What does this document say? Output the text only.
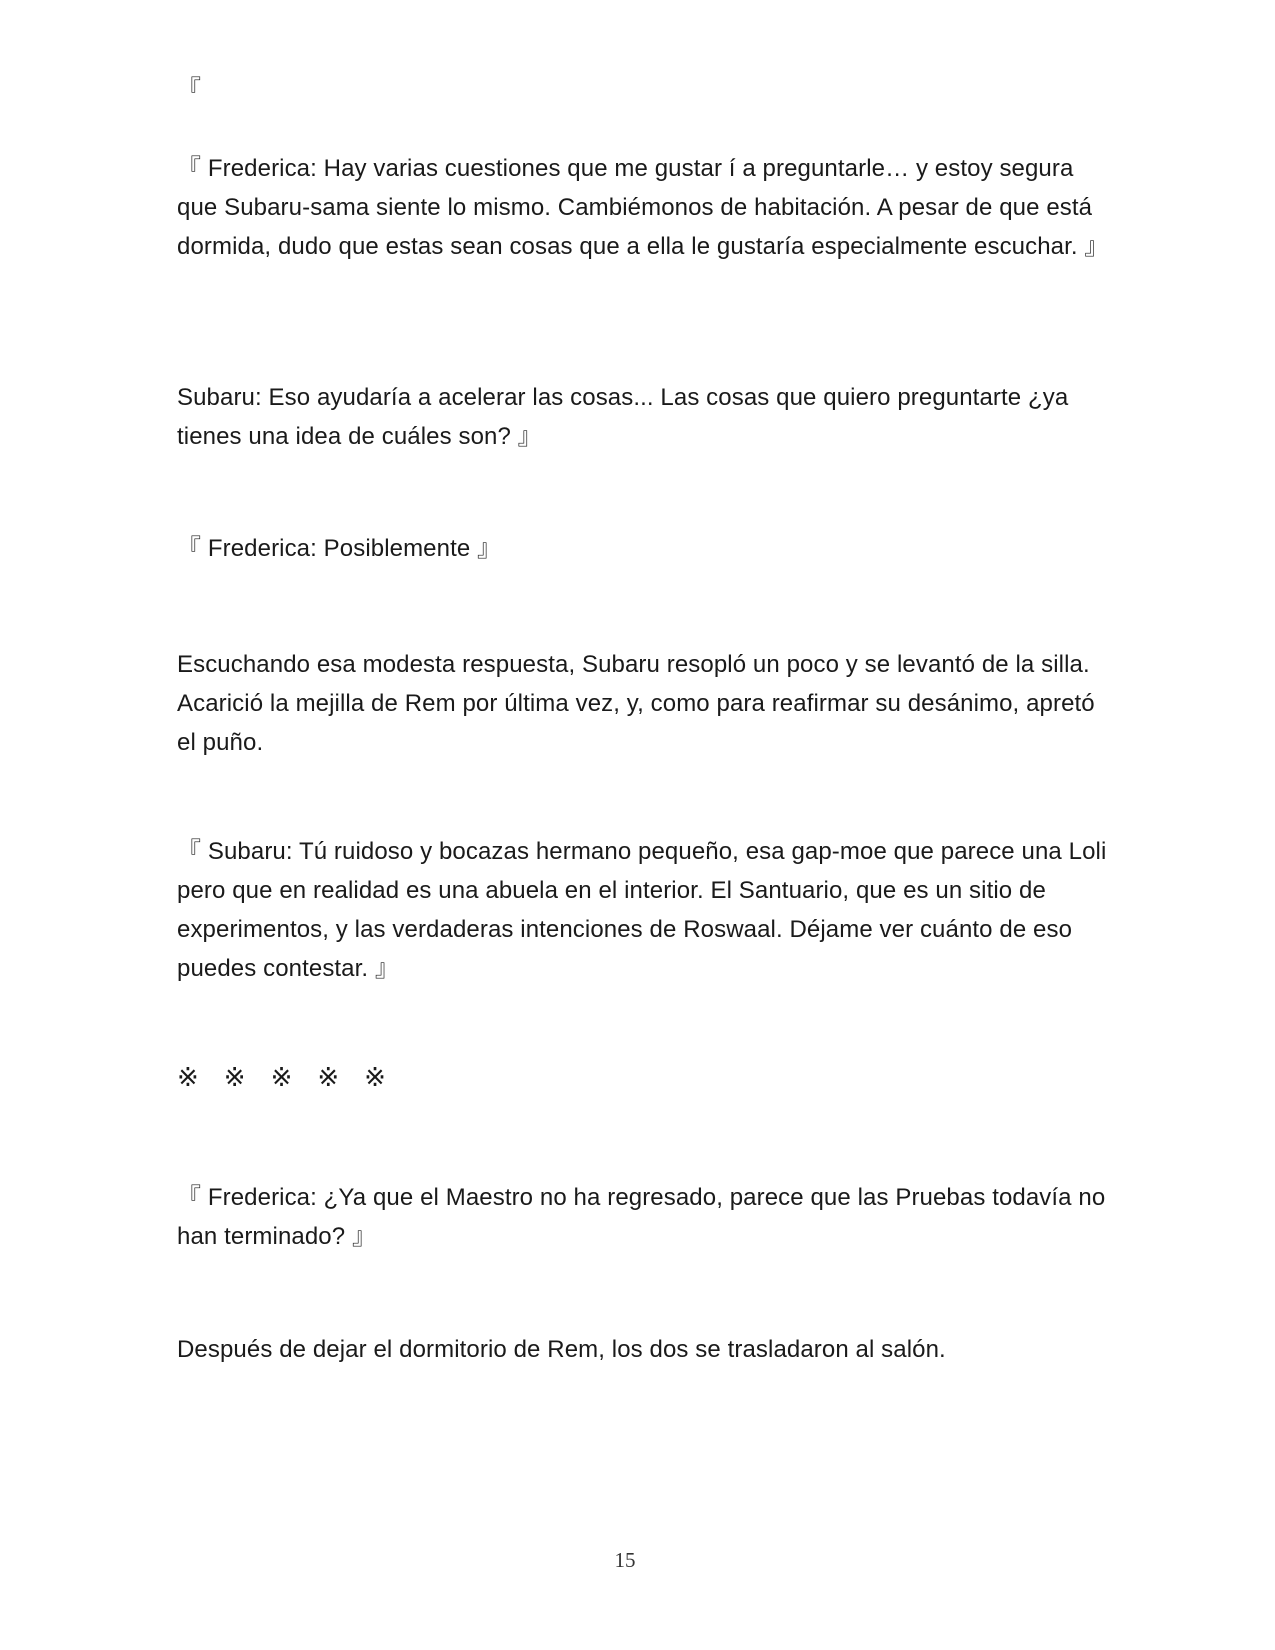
『

『 Frederica: Hay varias cuestiones que me gustar í a preguntarle… y estoy segura que Subaru-sama siente lo mismo. Cambiémonos de habitación. A pesar de que está dormida, dudo que estas sean cosas que a ella le gustaría especialmente escuchar. 』

Subaru: Eso ayudaría a acelerar las cosas... Las cosas que quiero preguntarte ¿ya tienes una idea de cuáles son? 』

『 Frederica: Posiblemente 』

Escuchando esa modesta respuesta, Subaru resopló un poco y se levantó de la silla. Acarició la mejilla de Rem por última vez, y, como para reafirmar su desánimo, apretó el puño.

『 Subaru: Tú ruidoso y bocazas hermano pequeño, esa gap-moe que parece una Loli pero que en realidad es una abuela en el interior. El Santuario, que es un sitio de experimentos, y las verdaderas intenciones de Roswaal. Déjame ver cuánto de eso puedes contestar. 』

※※※※※

『 Frederica: ¿Ya que el Maestro no ha regresado, parece que las Pruebas todavía no han terminado? 』

Después de dejar el dormitorio de Rem, los dos se trasladaron al salón.

15
